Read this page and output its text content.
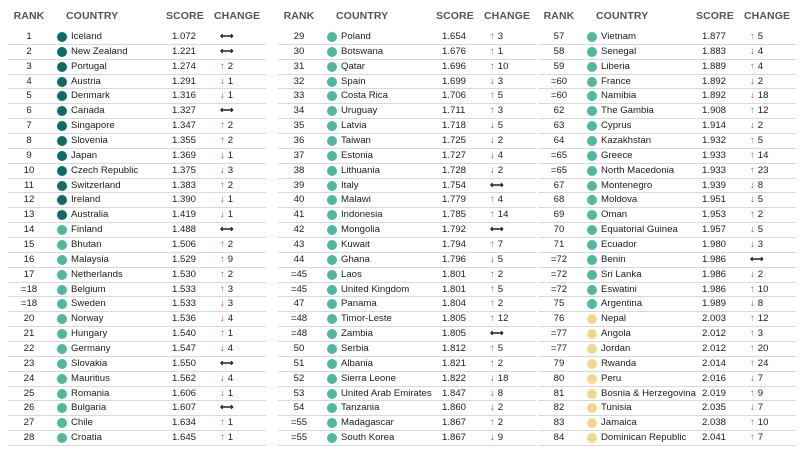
RANK	COUNTRY	SCORE CHANGE
1	Iceland	1.072 ⟷
2	New Zealand	1.221 ⟷
3	Portugal	1.274 ↑ 2
4	Austria	1.291 ↓ 1
5	Denmark	1.316 ↓ 1
6	Canada	1.327 ⟷
7	Singapore	1.347 ↑ 2
8	Slovenia	1.355 ↑ 2
9	Japan	1.369 ↓ 1
10	Czech Republic	1.375 ↓ 3
11	Switzerland	1.383 ↑ 2
12	Ireland	1.390 ↓ 1
13	Australia	1.419 ↓ 1
14	Finland	1.488 ⟷
15	Bhutan	1.506 ↑ 2
16	Malaysia	1.529 ↑ 9
17	Netherlands	1.530 ↑ 2
=18	Belgium	1.533 ↑ 3
=18	Sweden	1.533 ↓ 3
20	Norway	1.536 ↓ 4
21	Hungary	1.540 ↑ 1
22	Germany	1.547 ↓ 4
23	Slovakia	1.550 ⟷
24	Mauritius	1.562 ↓ 4
25	Romania	1.606 ↓ 1
26	Bulgaria	1.607 ⟷
27	Chile	1.634 ↑ 1
28	Croatia	1.645 ↑ 1
RANK	COUNTRY	SCORE CHANGE
29	Poland	1.654 ↑ 3
30	Botswana	1.676 ↑ 1
31	Qatar	1.696 ↑ 10
32	Spain	1.699 ↓ 3
33	Costa Rica	1.706 ↑ 5
34	Uruguay	1.711	↑ 3
35	Latvia	1.718 ↓ 5
36	Taiwan	1.725 ↓ 2
37	Estonia	1.727 ↓ 4
38	Lithuania	1.728 ↓ 2
39	Italy	1.754 ⟷
40	Malawi	1.779 ↑ 4
41	Indonesia	1.785 ↑ 14
42	Mongolia	1.792 ⟷
43	Kuwait	1.794 ↑ 7
44	Ghana	1.796 ↓ 5
=45	Laos	1.801 ↑ 2
=45	United Kingdom	1.801 ↑ 5
47	Panama	1.804 ↑ 2
=48	Timor-Leste	1.805 ↑ 12
=48	Zambia	1.805 ⟷
50	Serbia	1.812 ↑ 5
51	Albania	1.821 ↑ 2
52	Sierra Leone	1.822 ↓ 18
53	United Arab Emirates 1.847 ↓ 8
54	Tanzania	1.860 ↓ 2
=55	Madagascar	1.867 ↑ 2
=55	South Korea	1.867 ↓ 9
RANK	COUNTRY	SCORE CHANGE
57	Vietnam	1.877 ↑ 5
58	Senegal	1.883 ↓ 4
59	Liberia	1.889 ↑ 4
=60	France	1.892 ↓ 2
=60	Namibia	1.892 ↓ 18
62	The Gambia	1.908 ↑ 12
63	Cyprus	1.914 ↓ 2
64	Kazakhstan	1.932 ↑ 5
=65	Greece	1.933 ↑ 14
=65	North Macedonia	1.933 ↑ 23
67	Montenegro	1.939 ↓ 8
68	Moldova	1.951 ↓ 5
69	Oman	1.953 ↑ 2
70	Equatorial Guinea	1.957 ↓ 5
71	Ecuador	1.980 ↓ 3
=72	Benin	1.986 ⟷
=72	Sri Lanka	1.986 ↓ 2
=72	Eswatini	1.986 ↑ 10
75	Argentina	1.989 ↓ 8
76	Nepal	2.003 ↑ 12
=77	Angola	2.012 ↑ 3
=77	Jordan	2.012 ↑ 20
79	Rwanda	2.014 ↑ 24
80	Peru	2.016 ↓ 7
81	Bosnia & Herzegovina 2.019 ↑ 9
82	Tunisia	2.035 ↓ 7
83	Jamaica	2.038 ↑ 10
84	Dominican Republic 2.041 ↑ 7
